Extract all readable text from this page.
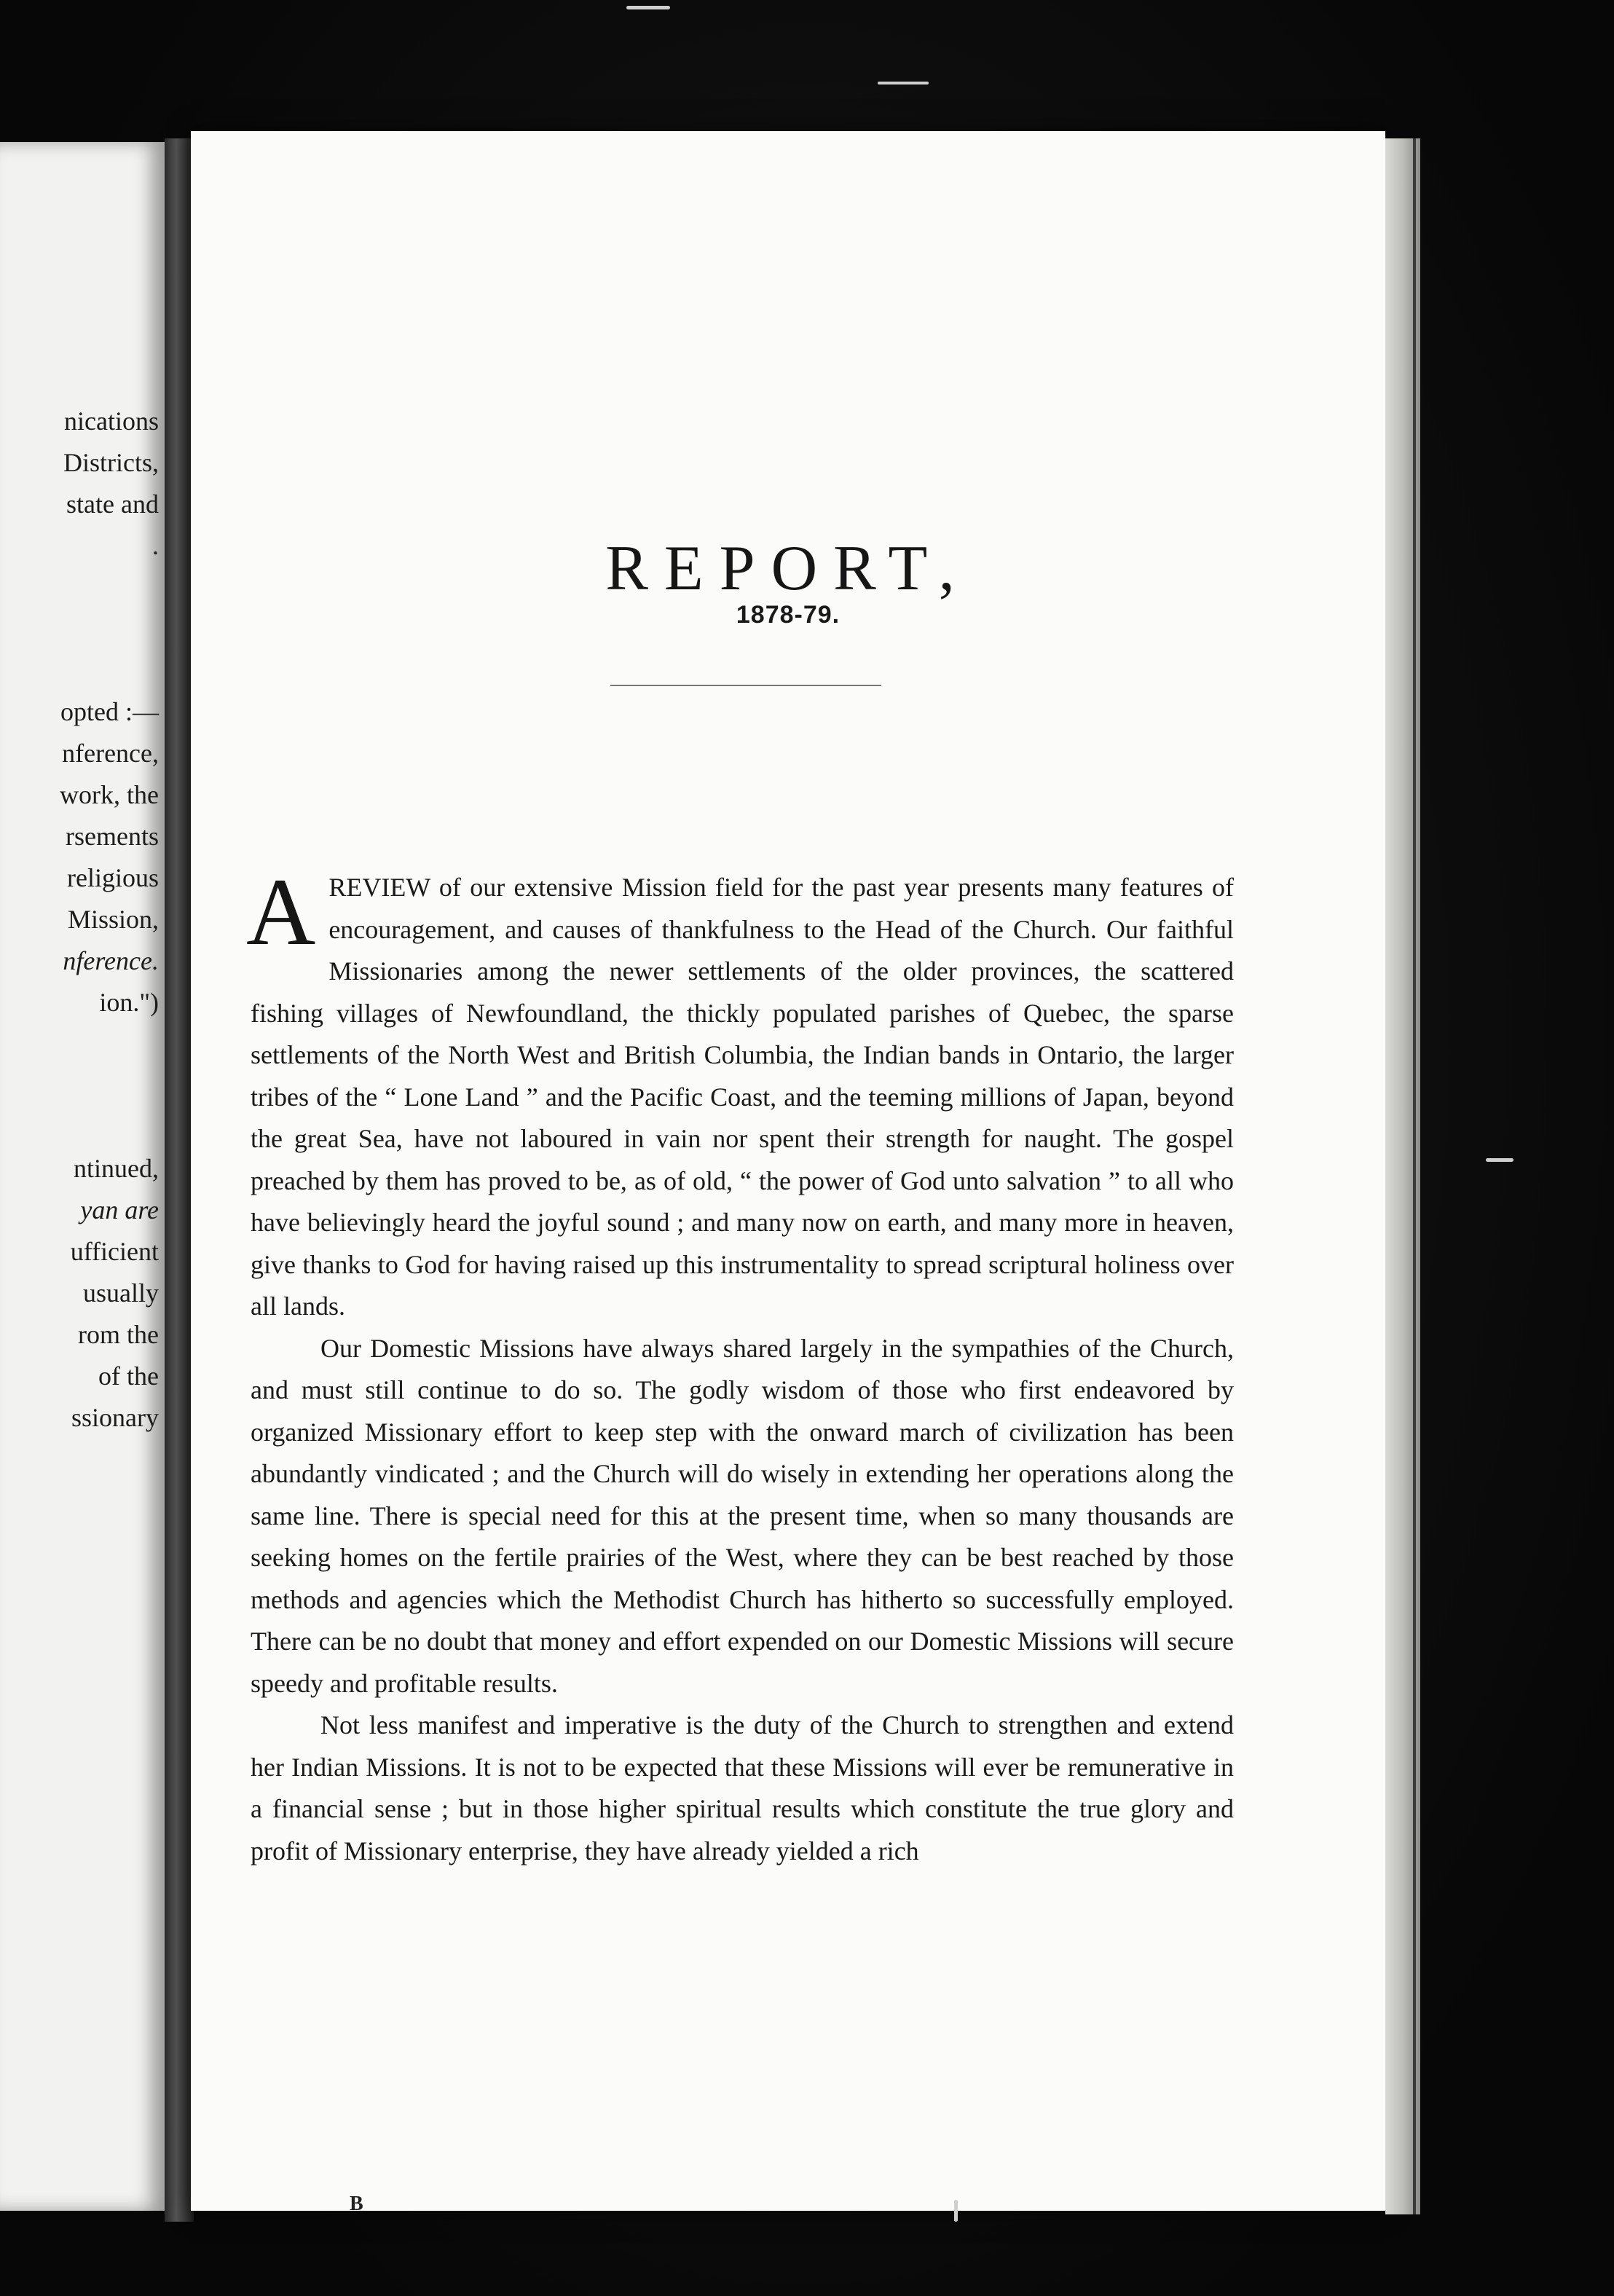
nications
Districts,
state and
.
opted :—
nference,
work, the
rsements
religious
Mission,
nference.
ion.")
ntinued,
yan are
ufficient
usually
rom the
of the
ssionary
REPORT,
1878-79.

AREVIEW of our extensive Mission field for the past year presents many features of encouragement, and causes of thankfulness to the Head of the Church. Our faithful Missionaries among the newer settlements of the older provinces, the scattered fishing villages of Newfoundland, the thickly populated parishes of Quebec, the sparse settlements of the North West and British Columbia, the Indian bands in Ontario, the larger tribes of the “ Lone Land ” and the Pacific Coast, and the teeming millions of Japan, beyond the great Sea, have not laboured in vain nor spent their strength for naught. The gospel preached by them has proved to be, as of old, “ the power of God unto salvation ” to all who have believingly heard the joyful sound ; and many now on earth, and many more in heaven, give thanks to God for having raised up this instrumentality to spread scriptural holiness over all lands.

Our Domestic Missions have always shared largely in the sympathies of the Church, and must still continue to do so. The godly wisdom of those who first endeavored by organized Missionary effort to keep step with the onward march of civilization has been abundantly vindicated ; and the Church will do wisely in extending her operations along the same line. There is special need for this at the present time, when so many thousands are seeking homes on the fertile prairies of the West, where they can be best reached by those methods and agencies which the Methodist Church has hitherto so successfully employed. There can be no doubt that money and effort expended on our Domestic Missions will secure speedy and profitable results.

Not less manifest and imperative is the duty of the Church to strengthen and extend her Indian Missions. It is not to be expected that these Missions will ever be remunerative in a financial sense ; but in those higher spiritual results which constitute the true glory and profit of Missionary enterprise, they have already yielded a rich

B
